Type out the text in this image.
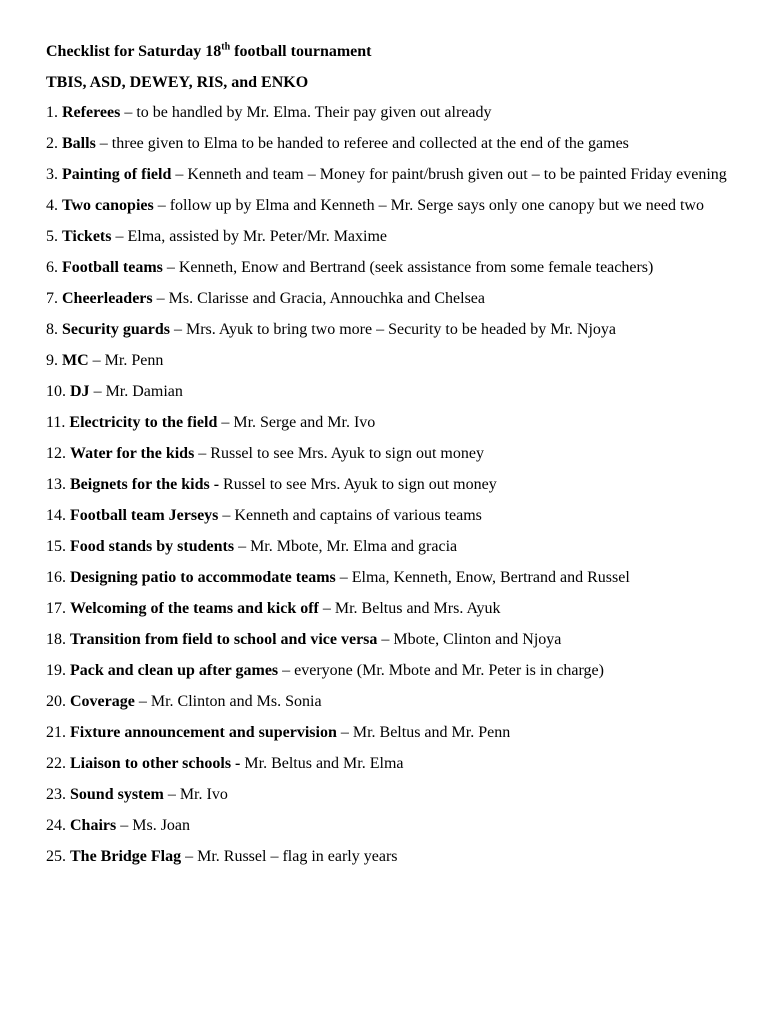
Checklist for Saturday 18th football tournament
TBIS, ASD, DEWEY, RIS, and ENKO
1. Referees – to be handled by Mr. Elma. Their pay given out already
2. Balls – three given to Elma to be handed to referee and collected at the end of the games
3. Painting of field – Kenneth and team – Money for paint/brush given out – to be painted Friday evening
4. Two canopies – follow up by Elma and Kenneth – Mr. Serge says only one canopy but we need two
5. Tickets – Elma, assisted by Mr. Peter/Mr. Maxime
6. Football teams – Kenneth, Enow and Bertrand (seek assistance from some female teachers)
7. Cheerleaders – Ms. Clarisse and Gracia, Annouchka and Chelsea
8. Security guards – Mrs. Ayuk to bring two more – Security to be headed by Mr. Njoya
9. MC – Mr. Penn
10. DJ – Mr. Damian
11. Electricity to the field – Mr. Serge and Mr. Ivo
12. Water for the kids – Russel to see Mrs. Ayuk to sign out money
13. Beignets for the kids - Russel to see Mrs. Ayuk to sign out money
14. Football team Jerseys – Kenneth and captains of various teams
15. Food stands by students – Mr. Mbote, Mr. Elma and gracia
16. Designing patio to accommodate teams – Elma, Kenneth, Enow, Bertrand and Russel
17. Welcoming of the teams and kick off – Mr. Beltus and Mrs. Ayuk
18. Transition from field to school and vice versa – Mbote, Clinton and Njoya
19. Pack and clean up after games – everyone (Mr. Mbote and Mr. Peter is in charge)
20. Coverage – Mr. Clinton and Ms. Sonia
21. Fixture announcement and supervision – Mr. Beltus and Mr. Penn
22. Liaison to other schools - Mr. Beltus and Mr. Elma
23. Sound system – Mr. Ivo
24. Chairs – Ms. Joan
25. The Bridge Flag – Mr. Russel – flag in early years
